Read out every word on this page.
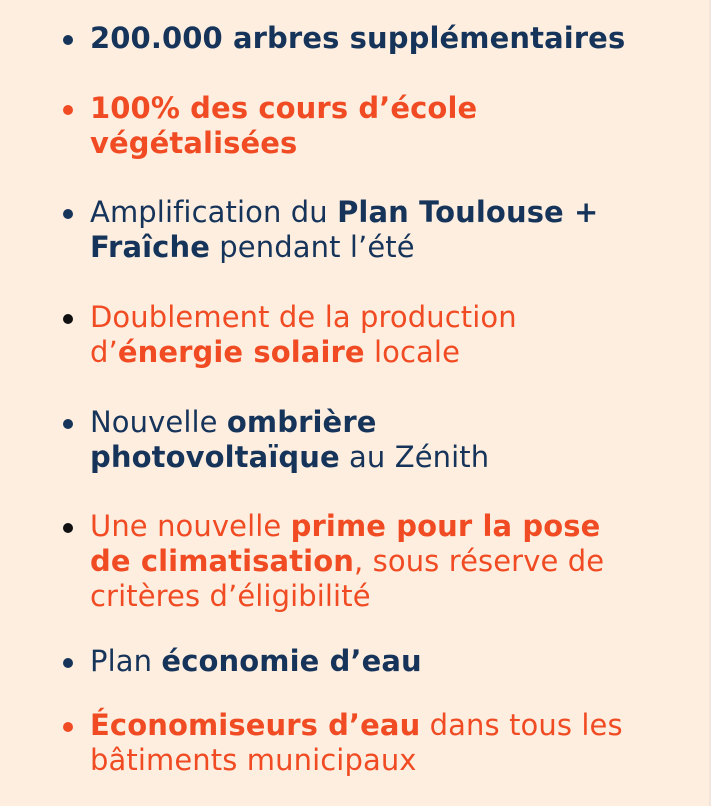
200.000 arbres supplémentaires
100% des cours d’école
végétalisées
Amplification du Plan Toulouse +
Fraîche pendant l’été
Doublement de la production
d’énergie solaire locale
Nouvelle ombrière
photovoltaïque au Zénith
Une nouvelle prime pour la pose
de climatisation, sous réserve de
critères d’éligibilité
Plan économie d’eau
Économiseurs d’eau dans tous les
bâtiments municipaux
